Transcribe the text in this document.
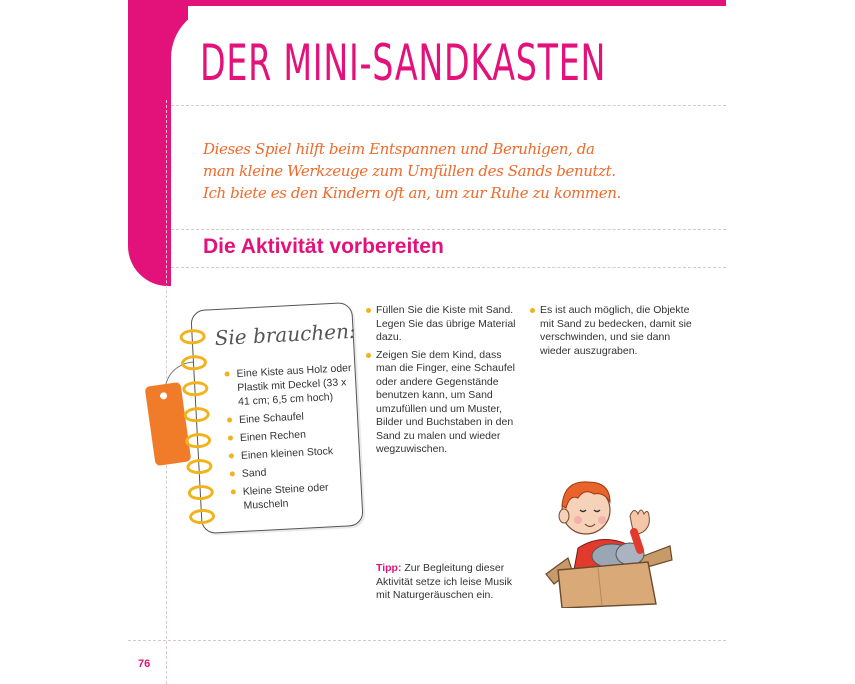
DER MINI-SANDKASTEN
Dieses Spiel hilft beim Entspannen und Beruhigen, da
man kleine Werkzeuge zum Umfüllen des Sands benutzt.
Ich biete es den Kindern oft an, um zur Ruhe zu kommen.
Die Aktivität vorbereiten
Sie brauchen:
Eine Kiste aus Holz oder Plastik mit Deckel (33 x 41 cm; 6,5 cm hoch)
Eine Schaufel
Einen Rechen
Einen kleinen Stock
Sand
Kleine Steine oder Muscheln
Füllen Sie die Kiste mit Sand. Legen Sie das übrige Material dazu.
Zeigen Sie dem Kind, dass man die Finger, eine Schaufel oder andere Gegenstände benutzen kann, um Sand umzufüllen und um Muster, Bilder und Buchstaben in den Sand zu malen und wieder wegzuwischen.
Es ist auch möglich, die Objekte mit Sand zu bedecken, damit sie verschwinden, und sie dann wieder auszugraben.
Tipp: Zur Begleitung dieser Aktivität setze ich leise Musik mit Naturgeräuschen ein.
76
